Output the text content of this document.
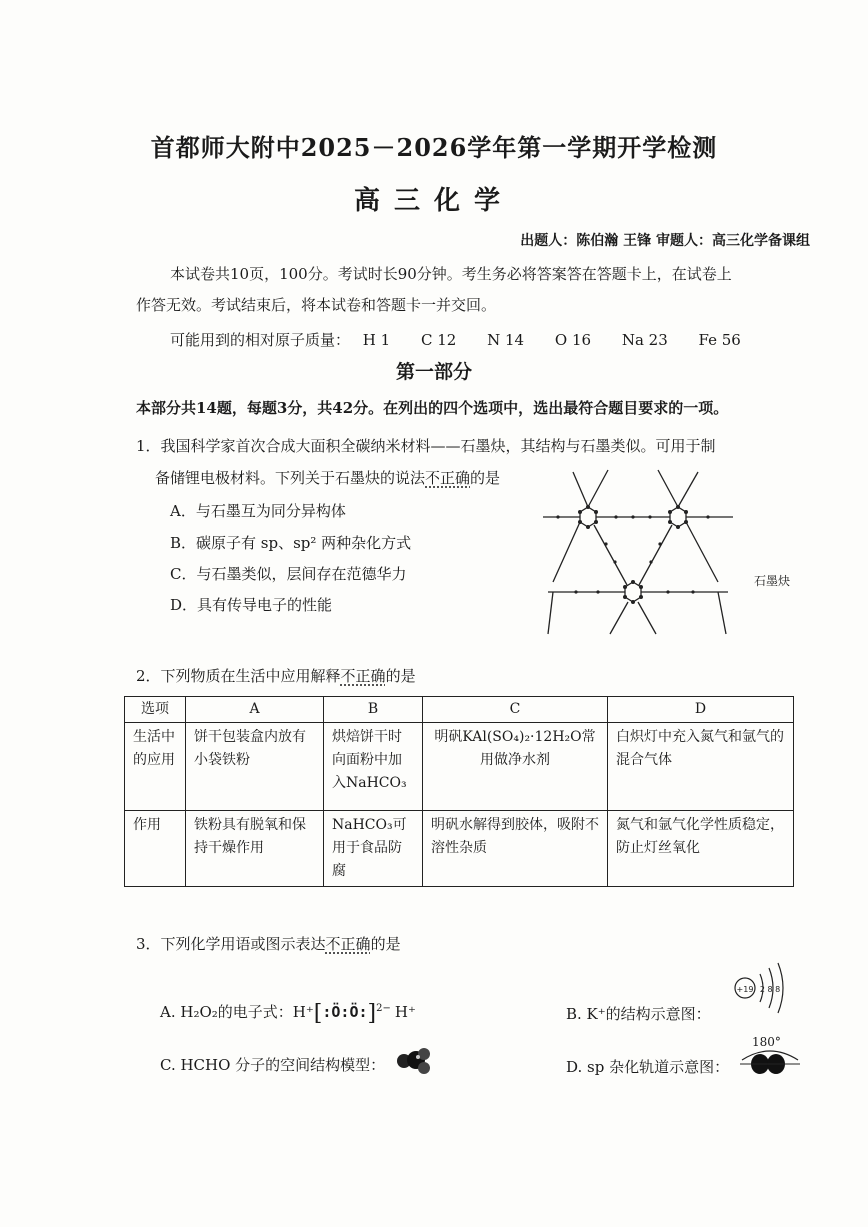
首都师大附中2025－2026学年第一学期开学检测
高三化学
出题人：陈伯瀚 王锋 审题人：高三化学备课组
本试卷共10页，100分。考试时长90分钟。考生务必将答案答在答题卡上，在试卷上
作答无效。考试结束后，将本试卷和答题卡一并交回。
可能用到的相对原子质量： H 1 C 12 N 14 O 16 Na 23 Fe 56
第一部分
本部分共14题，每题3分，共42分。在列出的四个选项中，选出最符合题目要求的一项。
1．我国科学家首次合成大面积全碳纳米材料——石墨炔，其结构与石墨类似。可用于制
备储锂电极材料。下列关于石墨炔的说法不正确的是
A．与石墨互为同分异构体
B．碳原子有 sp、sp² 两种杂化方式
C．与石墨类似，层间存在范德华力
D．具有传导电子的性能
石墨炔
2．下列物质在生活中应用解释不正确的是
选项	A	B	C	D
生活中的应用	饼干包装盒内放有小袋铁粉	烘焙饼干时向面粉中加入NaHCO₃	明矾KAl(SO₄)₂·12H₂O常用做净水剂	白炽灯中充入氮气和氩气的混合气体
作用	铁粉具有脱氧和保持干燥作用	NaHCO₃可用于食品防腐	明矾水解得到胶体，吸附不溶性杂质	氮气和氩气化学性质稳定，防止灯丝氧化
3．下列化学用语或图示表达不正确的是
A. H₂O₂的电子式：H⁺[:Ö:Ö:]$^{2-}$ H⁺	B. K⁺的结构示意图：
+19 2 8 8
C. HCHO 分子的空间结构模型：	D. sp 杂化轨道示意图：
180°
